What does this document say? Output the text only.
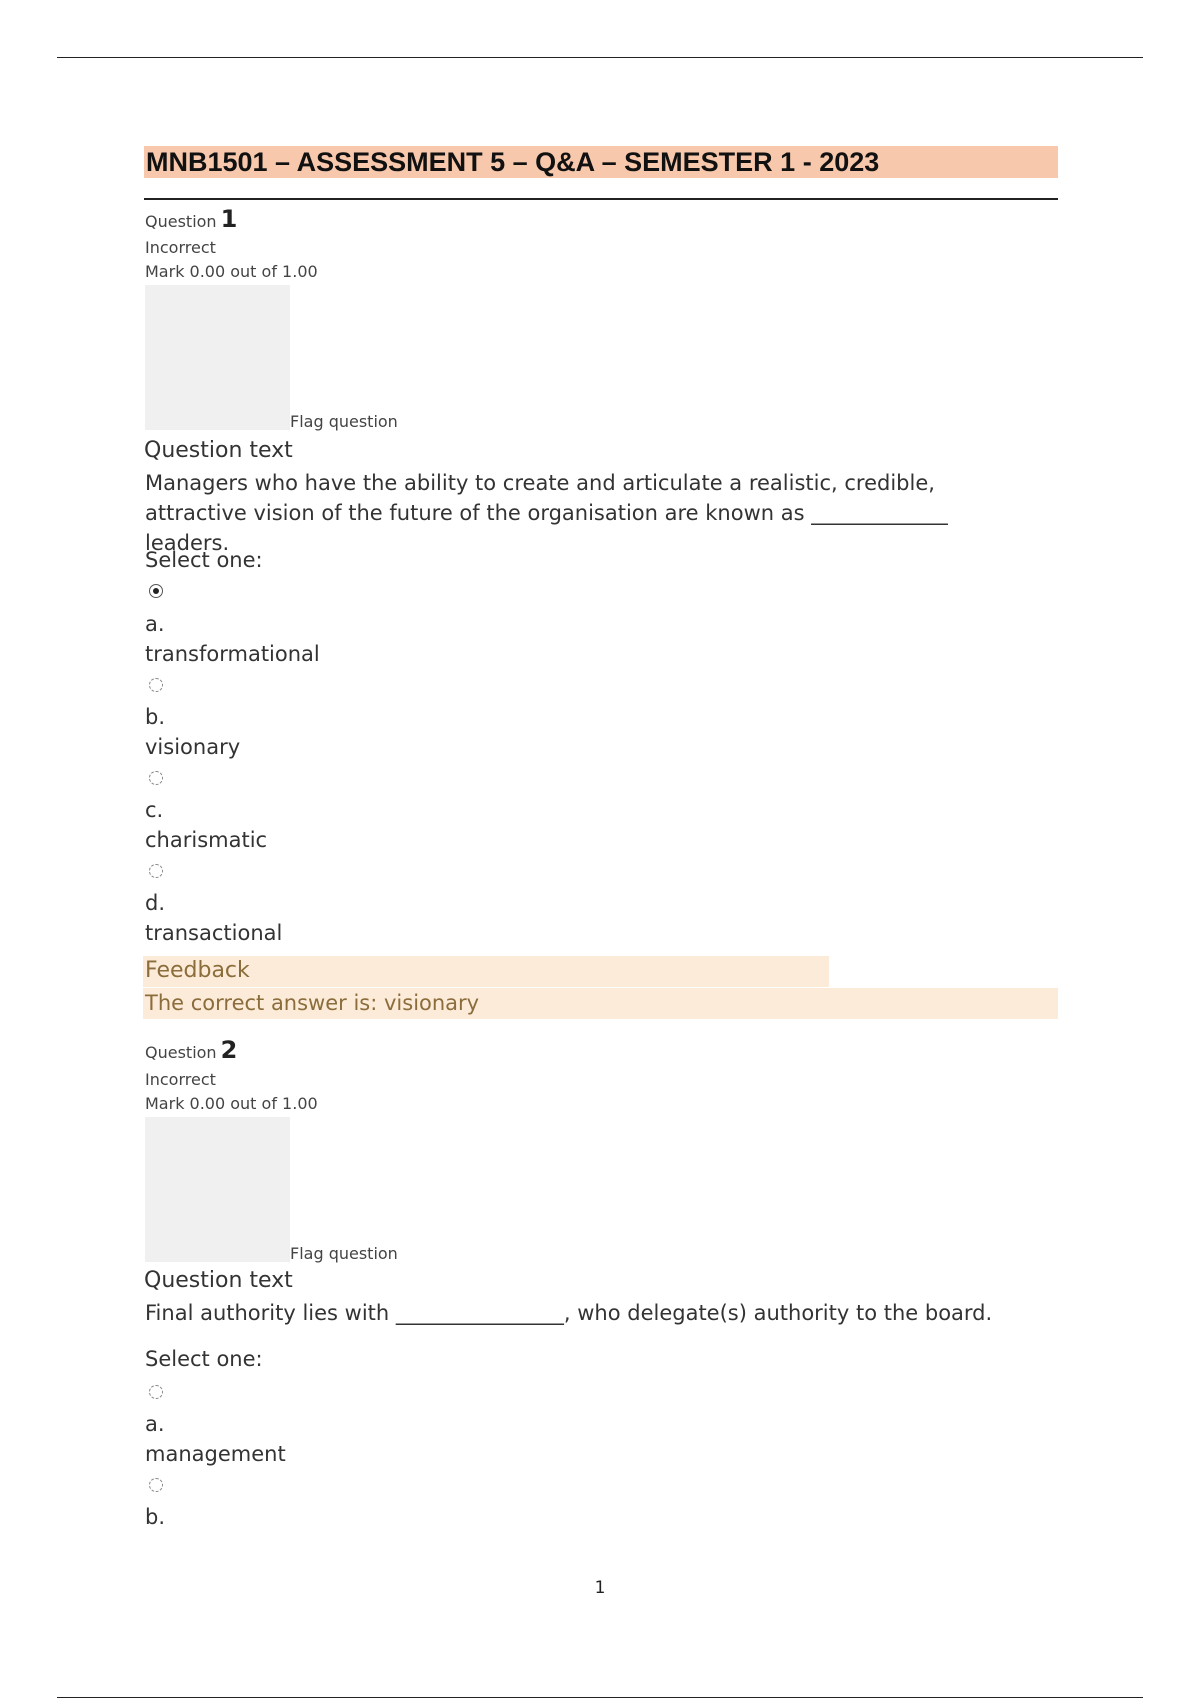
MNB1501 – ASSESSMENT 5 – Q&A – SEMESTER 1 - 2023
Question 1
Incorrect
Mark 0.00 out of 1.00
Flag question
Question text
Managers who have the ability to create and articulate a realistic, credible, attractive vision of the future of the organisation are known as _____________ leaders.
Select one:
a.
transformational
b.
visionary
c.
charismatic
d.
transactional
Feedback
The correct answer is: visionary
Question 2
Incorrect
Mark 0.00 out of 1.00
Flag question
Question text
Final authority lies with ________________, who delegate(s) authority to the board.
Select one:
a.
management
b.
1
